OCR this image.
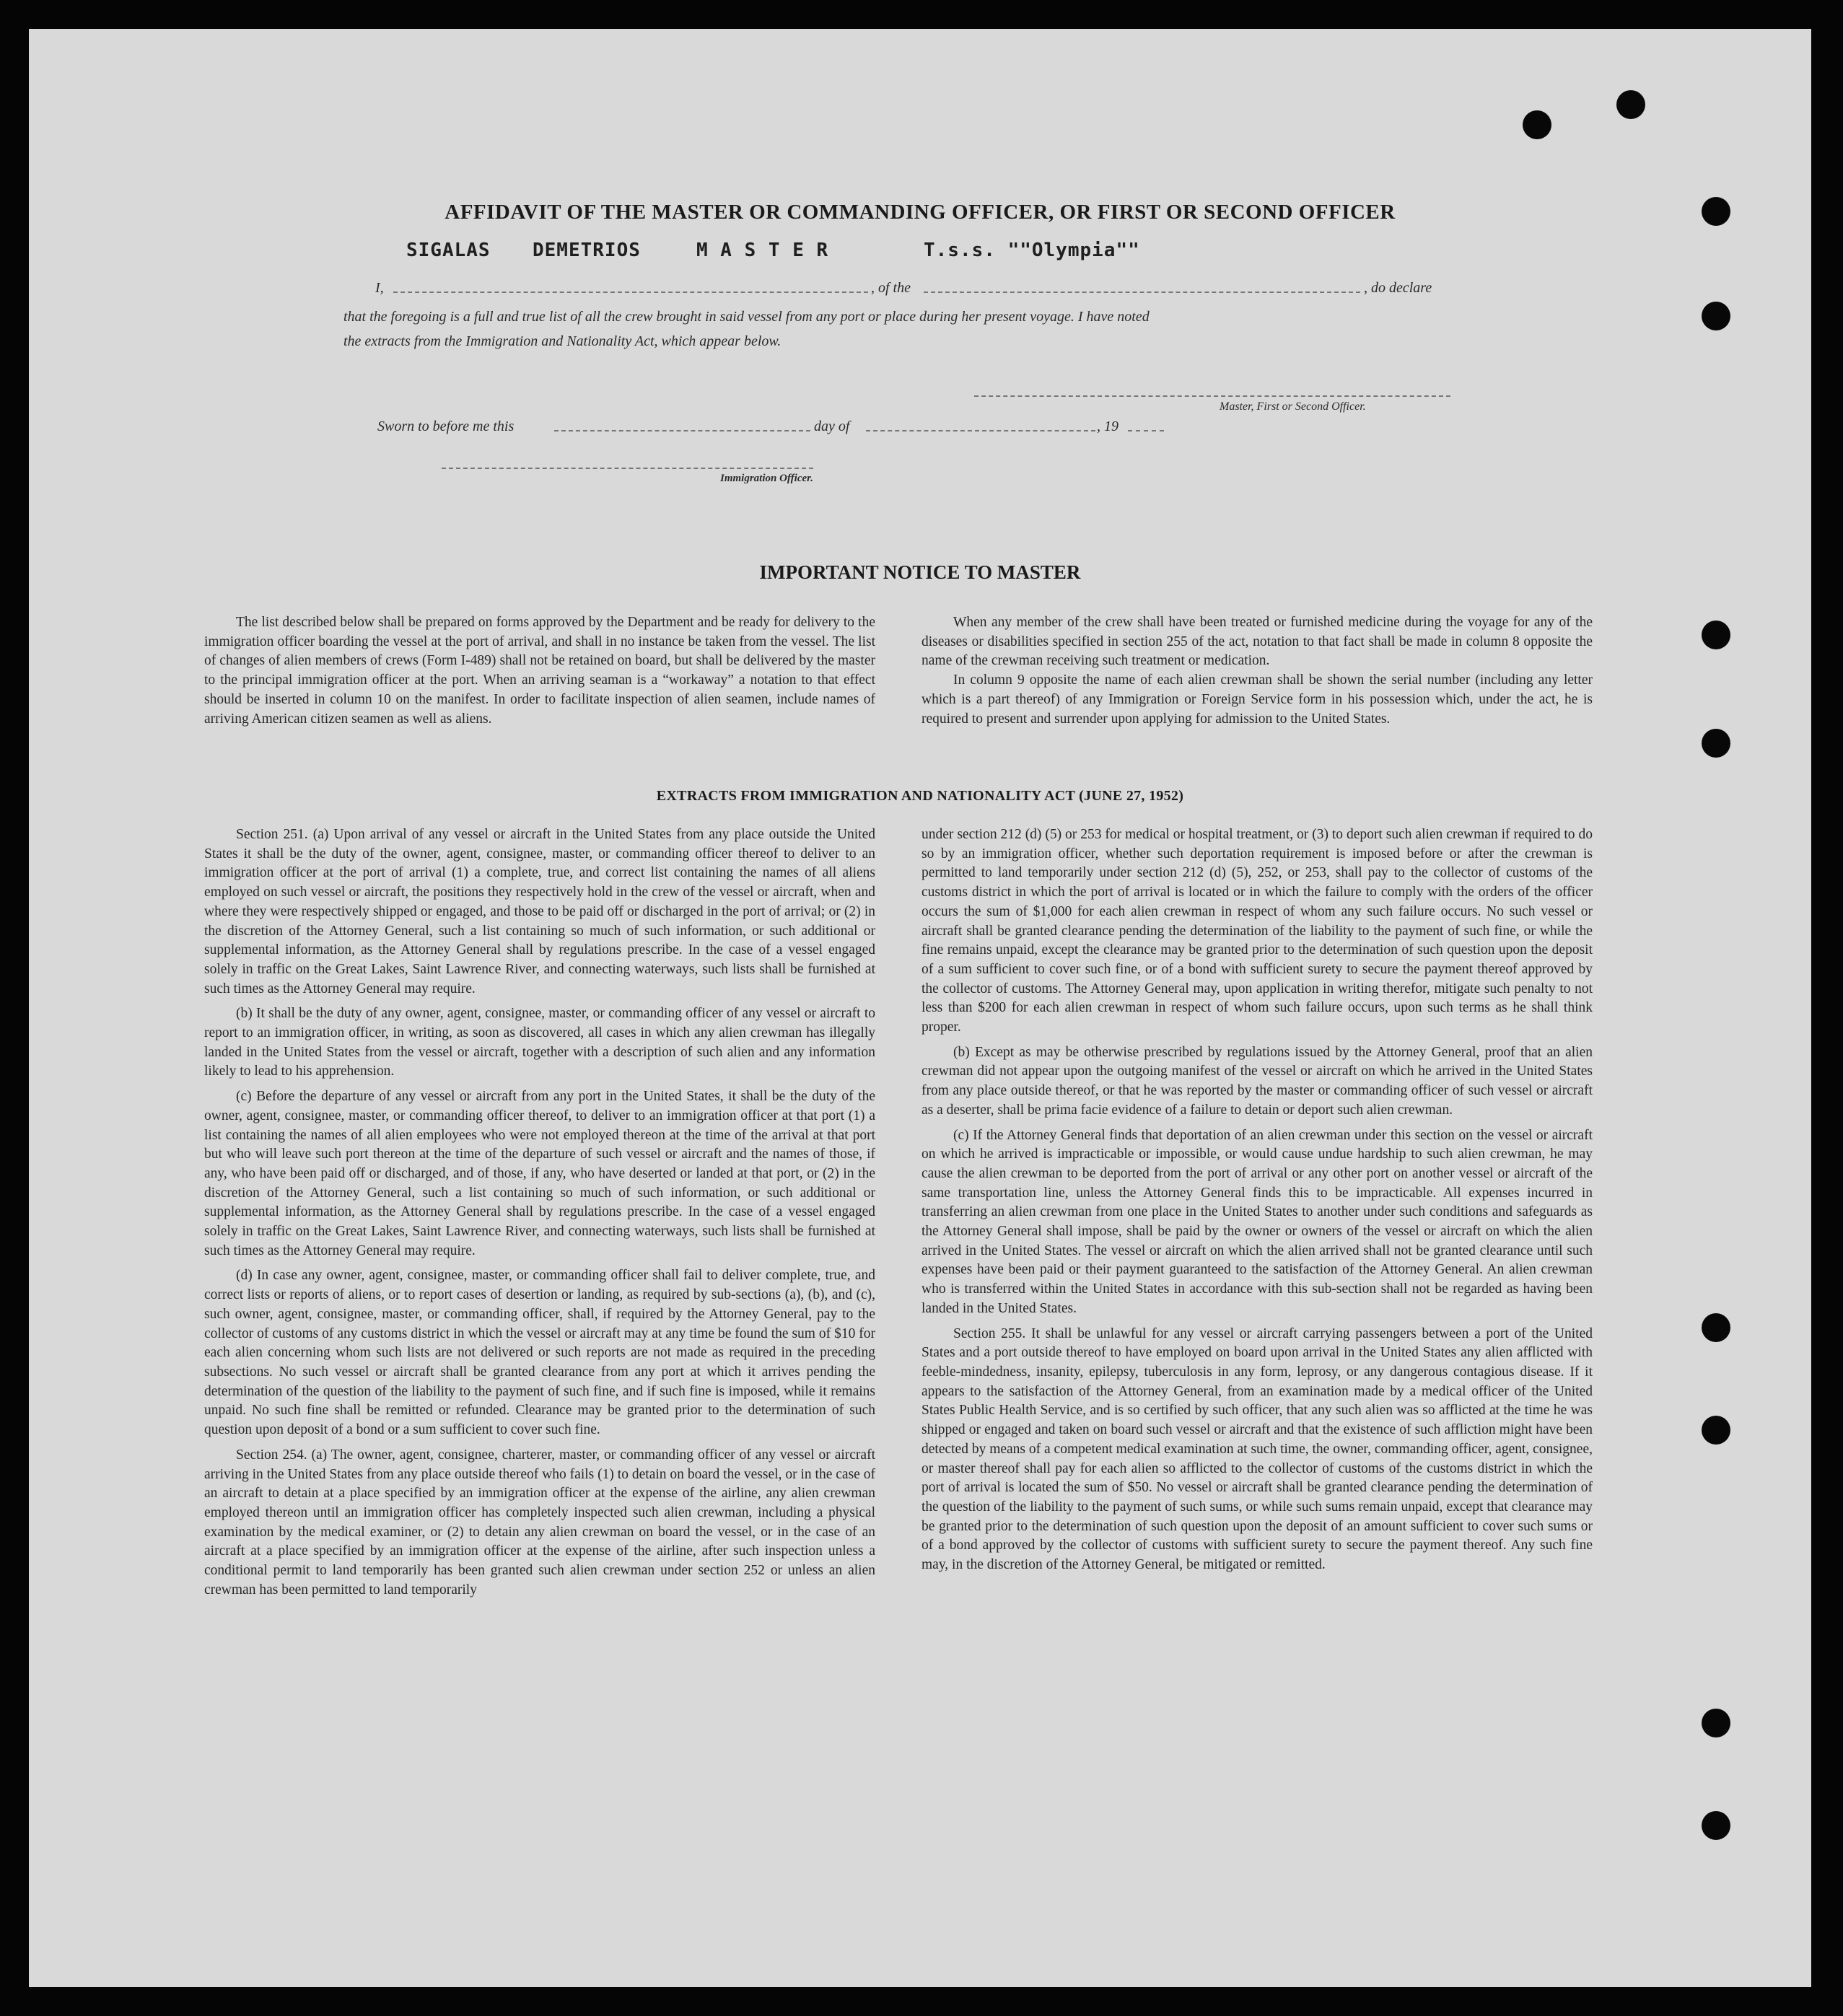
AFFIDAVIT OF THE MASTER OR COMMANDING OFFICER, OR FIRST OR SECOND OFFICER
SIGALAS DEMETRIOS	M A S T E R	T.s.s. ""Olympia""
I,	, of the	, do declare
that the foregoing is a full and true list of all the crew brought in said vessel from any port or place during her present voyage. I have noted
the extracts from the Immigration and Nationality Act, which appear below.
Master, First or Second Officer.
Sworn to before me this	day of	, 19
Immigration Officer.
IMPORTANT NOTICE TO MASTER

The list described below shall be prepared on forms approved by the Department and be ready for delivery to the immigration officer boarding the vessel at the port of arrival, and shall in no instance be taken from the vessel. The list of changes of alien members of crews (Form I-489) shall not be retained on board, but shall be delivered by the master to the principal immigration officer at the port. When an arriving seaman is a “workaway” a notation to that effect should be inserted in column 10 on the manifest. In order to facilitate inspection of alien seamen, include names of arriving American citizen seamen as well as aliens.

When any member of the crew shall have been treated or furnished medicine during the voyage for any of the diseases or disabilities specified in section 255 of the act, notation to that fact shall be made in column 8 opposite the name of the crewman receiving such treatment or medication.

In column 9 opposite the name of each alien crewman shall be shown the serial number (including any letter which is a part thereof) of any Immigration or Foreign Service form in his possession which, under the act, he is required to present and surrender upon applying for admission to the United States.

EXTRACTS FROM IMMIGRATION AND NATIONALITY ACT (JUNE 27, 1952)

Section 251. (a) Upon arrival of any vessel or aircraft in the United States from any place outside the United States it shall be the duty of the owner, agent, consignee, master, or commanding officer thereof to deliver to an immigration officer at the port of arrival (1) a complete, true, and correct list containing the names of all aliens employed on such vessel or aircraft, the positions they respectively hold in the crew of the vessel or aircraft, when and where they were respectively shipped or engaged, and those to be paid off or discharged in the port of arrival; or (2) in the discretion of the Attorney General, such a list containing so much of such information, or such additional or supplemental information, as the Attorney General shall by regulations prescribe. In the case of a vessel engaged solely in traffic on the Great Lakes, Saint Lawrence River, and connecting waterways, such lists shall be furnished at such times as the Attorney General may require.

(b) It shall be the duty of any owner, agent, consignee, master, or commanding officer of any vessel or aircraft to report to an immigration officer, in writing, as soon as discovered, all cases in which any alien crewman has illegally landed in the United States from the vessel or aircraft, together with a description of such alien and any information likely to lead to his apprehension.

(c) Before the departure of any vessel or aircraft from any port in the United States, it shall be the duty of the owner, agent, consignee, master, or commanding officer thereof, to deliver to an immigration officer at that port (1) a list containing the names of all alien employees who were not employed thereon at the time of the arrival at that port but who will leave such port thereon at the time of the departure of such vessel or aircraft and the names of those, if any, who have been paid off or discharged, and of those, if any, who have deserted or landed at that port, or (2) in the discretion of the Attorney General, such a list containing so much of such information, or such additional or supplemental information, as the Attorney General shall by regulations prescribe. In the case of a vessel engaged solely in traffic on the Great Lakes, Saint Lawrence River, and connecting waterways, such lists shall be furnished at such times as the Attorney General may require.

(d) In case any owner, agent, consignee, master, or commanding officer shall fail to deliver complete, true, and correct lists or reports of aliens, or to report cases of desertion or landing, as required by sub-sections (a), (b), and (c), such owner, agent, consignee, master, or commanding officer, shall, if required by the Attorney General, pay to the collector of customs of any customs district in which the vessel or aircraft may at any time be found the sum of $10 for each alien concerning whom such lists are not delivered or such reports are not made as required in the preceding subsections. No such vessel or aircraft shall be granted clearance from any port at which it arrives pending the determination of the question of the liability to the payment of such fine, and if such fine is imposed, while it remains unpaid. No such fine shall be remitted or refunded. Clearance may be granted prior to the determination of such question upon deposit of a bond or a sum sufficient to cover such fine.

Section 254. (a) The owner, agent, consignee, charterer, master, or commanding officer of any vessel or aircraft arriving in the United States from any place outside thereof who fails (1) to detain on board the vessel, or in the case of an aircraft to detain at a place specified by an immigration officer at the expense of the airline, any alien crewman employed thereon until an immigration officer has completely inspected such alien crewman, including a physical examination by the medical examiner, or (2) to detain any alien crewman on board the vessel, or in the case of an aircraft at a place specified by an immigration officer at the expense of the airline, after such inspection unless a conditional permit to land temporarily has been granted such alien crewman under section 252 or unless an alien crewman has been permitted to land temporarily

under section 212 (d) (5) or 253 for medical or hospital treatment, or (3) to deport such alien crewman if required to do so by an immigration officer, whether such deportation requirement is imposed before or after the crewman is permitted to land temporarily under section 212 (d) (5), 252, or 253, shall pay to the collector of customs of the customs district in which the port of arrival is located or in which the failure to comply with the orders of the officer occurs the sum of $1,000 for each alien crewman in respect of whom any such failure occurs. No such vessel or aircraft shall be granted clearance pending the determination of the liability to the payment of such fine, or while the fine remains unpaid, except the clearance may be granted prior to the determination of such question upon the deposit of a sum sufficient to cover such fine, or of a bond with sufficient surety to secure the payment thereof approved by the collector of customs. The Attorney General may, upon application in writing therefor, mitigate such penalty to not less than $200 for each alien crewman in respect of whom such failure occurs, upon such terms as he shall think proper.

(b) Except as may be otherwise prescribed by regulations issued by the Attorney General, proof that an alien crewman did not appear upon the outgoing manifest of the vessel or aircraft on which he arrived in the United States from any place outside thereof, or that he was reported by the master or commanding officer of such vessel or aircraft as a deserter, shall be prima facie evidence of a failure to detain or deport such alien crewman.

(c) If the Attorney General finds that deportation of an alien crewman under this section on the vessel or aircraft on which he arrived is impracticable or impossible, or would cause undue hardship to such alien crewman, he may cause the alien crewman to be deported from the port of arrival or any other port on another vessel or aircraft of the same transportation line, unless the Attorney General finds this to be impracticable. All expenses incurred in transferring an alien crewman from one place in the United States to another under such conditions and safeguards as the Attorney General shall impose, shall be paid by the owner or owners of the vessel or aircraft on which the alien arrived in the United States. The vessel or aircraft on which the alien arrived shall not be granted clearance until such expenses have been paid or their payment guaranteed to the satisfaction of the Attorney General. An alien crewman who is transferred within the United States in accordance with this sub-section shall not be regarded as having been landed in the United States.

Section 255. It shall be unlawful for any vessel or aircraft carrying passengers between a port of the United States and a port outside thereof to have employed on board upon arrival in the United States any alien afflicted with feeble-mindedness, insanity, epilepsy, tuberculosis in any form, leprosy, or any dangerous contagious disease. If it appears to the satisfaction of the Attorney General, from an examination made by a medical officer of the United States Public Health Service, and is so certified by such officer, that any such alien was so afflicted at the time he was shipped or engaged and taken on board such vessel or aircraft and that the existence of such affliction might have been detected by means of a competent medical examination at such time, the owner, commanding officer, agent, consignee, or master thereof shall pay for each alien so afflicted to the collector of customs of the customs district in which the port of arrival is located the sum of $50. No vessel or aircraft shall be granted clearance pending the determination of the question of the liability to the payment of such sums, or while such sums remain unpaid, except that clearance may be granted prior to the determination of such question upon the deposit of an amount sufficient to cover such sums or of a bond approved by the collector of customs with sufficient surety to secure the payment thereof. Any such fine may, in the discretion of the Attorney General, be mitigated or remitted.
